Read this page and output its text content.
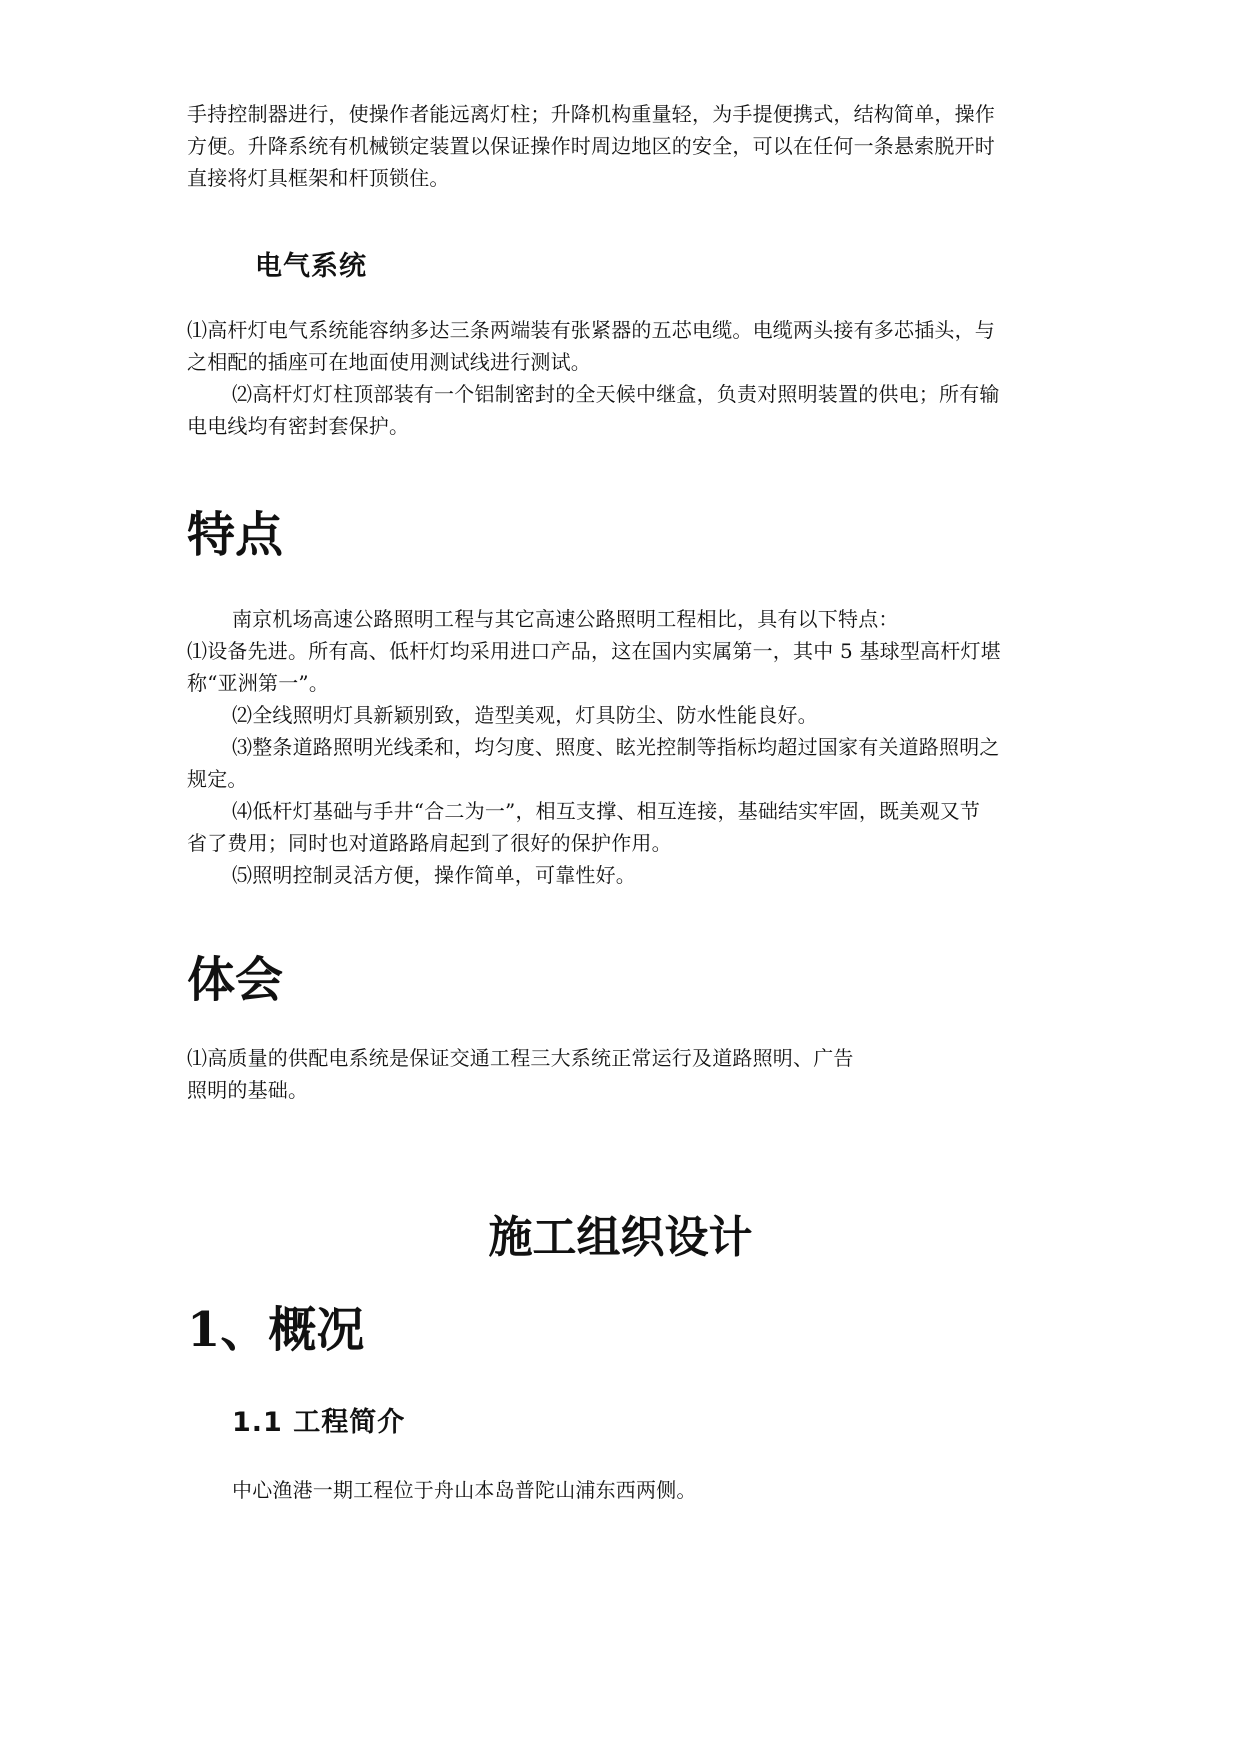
手持控制器进行，使操作者能远离灯柱；升降机构重量轻，为手提便携式，结构简单，操作
方便。升降系统有机械锁定装置以保证操作时周边地区的安全，可以在任何一条悬索脱开时
直接将灯具框架和杆顶锁住。
电气系统
⑴高杆灯电气系统能容纳多达三条两端装有张紧器的五芯电缆。电缆两头接有多芯插头，与
之相配的插座可在地面使用测试线进行测试。
⑵高杆灯灯柱顶部装有一个铝制密封的全天候中继盒，负责对照明装置的供电；所有输
电电线均有密封套保护。
特点
南京机场高速公路照明工程与其它高速公路照明工程相比，具有以下特点：
⑴设备先进。所有高、低杆灯均采用进口产品，这在国内实属第一，其中 5 基球型高杆灯堪
称“亚洲第一”。
⑵全线照明灯具新颖别致，造型美观，灯具防尘、防水性能良好。
⑶整条道路照明光线柔和，均匀度、照度、眩光控制等指标均超过国家有关道路照明之
规定。
⑷低杆灯基础与手井“合二为一”，相互支撑、相互连接，基础结实牢固，既美观又节
省了费用；同时也对道路路肩起到了很好的保护作用。
⑸照明控制灵活方便，操作简单，可靠性好。
体会
⑴高质量的供配电系统是保证交通工程三大系统正常运行及道路照明、广告
照明的基础。
施工组织设计
1、概况
1.1 工程简介
中心渔港一期工程位于舟山本岛普陀山浦东西两侧。
